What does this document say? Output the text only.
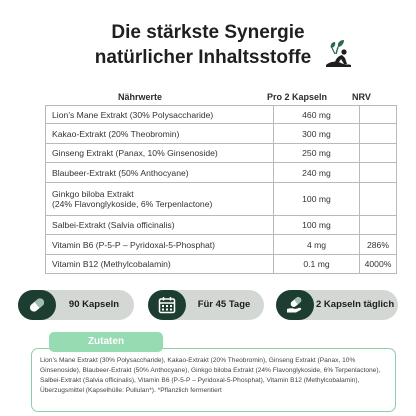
Die stärkste Synergie
natürlicher Inhaltsstoffe
Nährwerte	Pro 2 Kapseln	NRV
Lion’s Mane Extrakt (30% Polysaccharide)	460 mg	
Kakao-Extrakt (20% Theobromin)	300 mg	
Ginseng Extrakt (Panax, 10% Ginsenoside)	250 mg	
Blaubeer-Extrakt (50% Anthocyane)	240 mg	

Ginkgo biloba Extrakt
(24% Flavonglykoside, 6% Terpenlactone)	100 mg	
Salbei-Extrakt (Salvia officinalis)	100 mg	
Vitamin B6 (P-5-P – Pyridoxal-5-Phosphat)	4 mg	286%
Vitamin B12 (Methylcobalamin)	0.1 mg	4000%
90 Kapseln	Für 45 Tage	2 Kapseln täglich
Zutaten
Lion’s Mane Extrakt (30% Polysaccharide), Kakao-Extrakt (20% Theobromin), Ginseng Extrakt (Panax, 10% Ginsenoside), Blaubeer-Extrakt (50% Anthocyane), Ginkgo biloba Extrakt (24% Flavonglykoside, 6% Terpenlactone), Salbei-Extrakt (Salvia officinalis), Vitamin B6 (P-5-P – Pyridoxal-5-Phosphat), Vitamin B12 (Methylcobalamin), Überzugsmittel (Kapselhülle: Pullulan*). *Pflanzlich fermentiert
